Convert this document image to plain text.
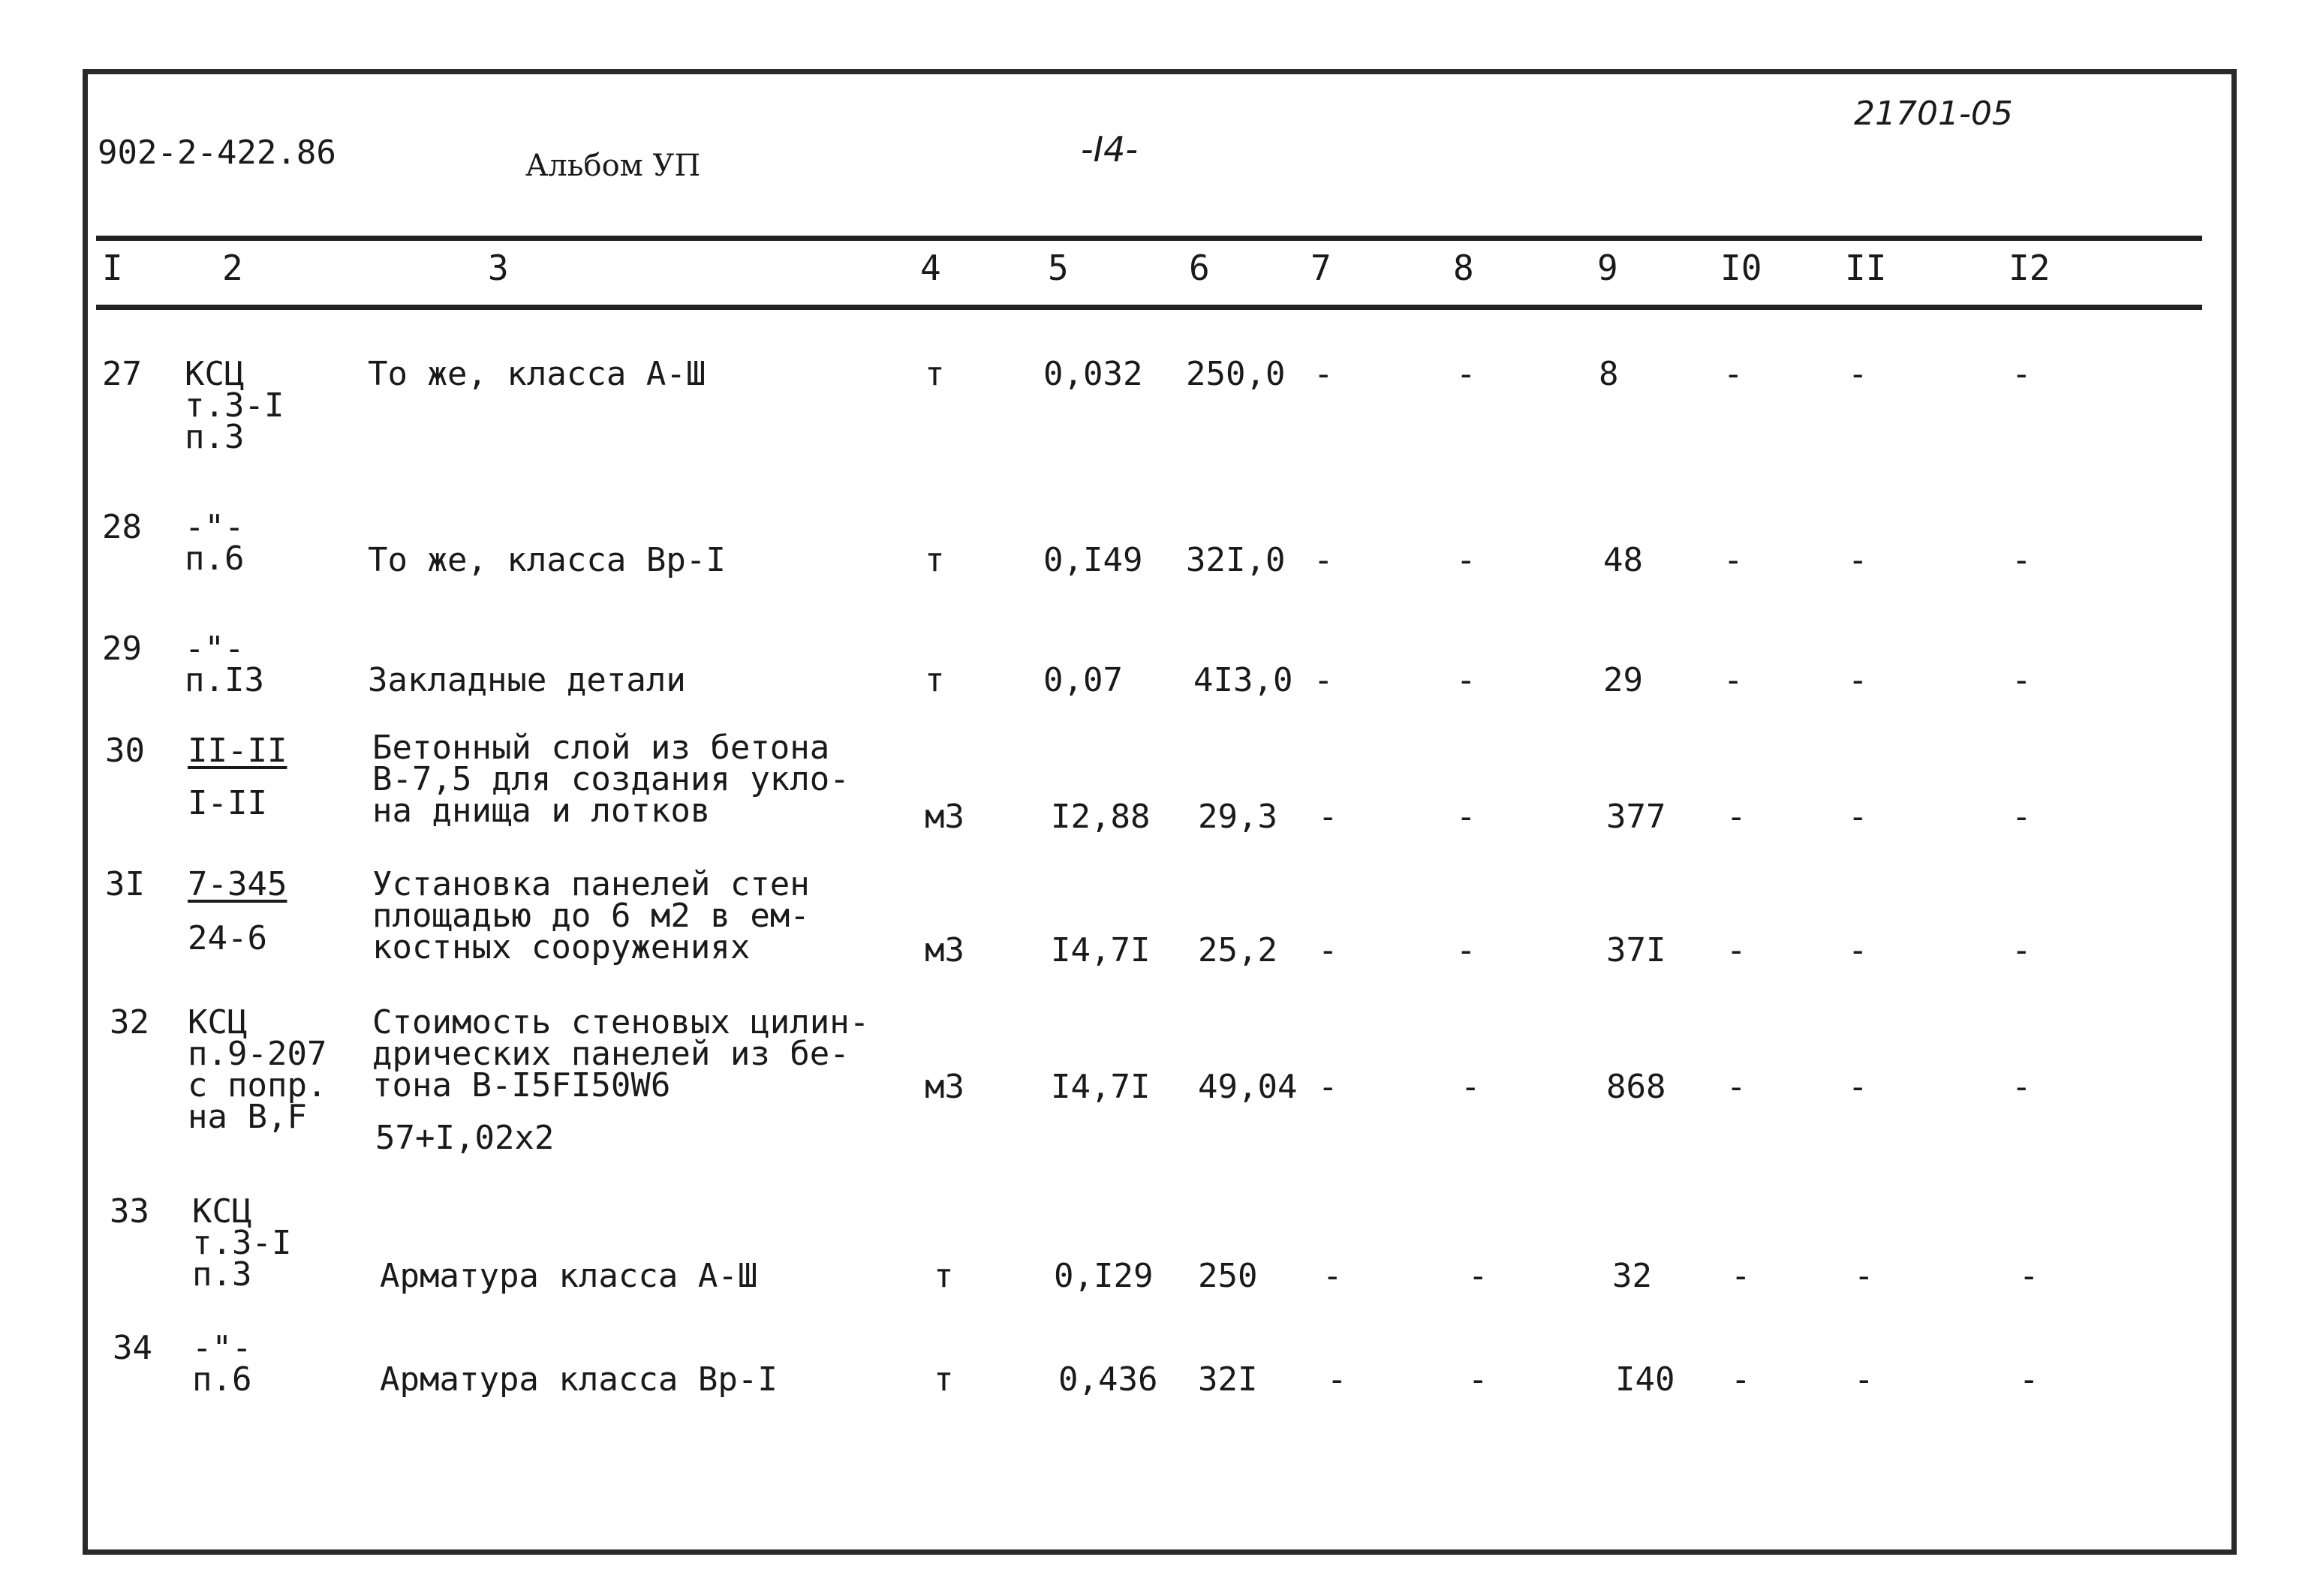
902-2-422.86	Альбом УП	-I4-
21701-05
I	2	3	4	5	6	7	8	9	I0 II	I2
27 КСЦ
т.3-I
п.3
То же, класса А-Ш	т	0,032 250,0 -	-	8	-	-	-
28 -"-
п.6	То же, класса Вр-I	т	0,I49 32I,0 -	-	48 -	-	-
29 -"-
п.I3	Закладные детали	т	0,07 4I3,0 -	-	29 -	-	-
30 II-II
I-II
Бетонный слой из бетона
В-7,5 для создания укло-
на днища и лотков	м3	I2,88 29,3 -	-	377 -	-	-
3I 7-345
24-6
Установка панелей стен
площадью до 6 м2 в ем-
костных сооружениях	м3	I4,7I 25,2 -	-	37I -	-	-
32 КСЦ
п.9-207
с попр.
на В,F
Стоимость стеновых цилин-
дрических панелей из бе-
тона В-I5FI50W6
57+I,02х2
м3	I4,7I 49,04 -	-	868 -	-	-
33 КСЦ
т.3-I
п.3	Арматура класса А-Ш	т	0,I29 250 -	-	32 -	-	-
34 -"-
п.6	Арматура класса Вр-I	т	0,436 32I -	-	I40 -	-	-
